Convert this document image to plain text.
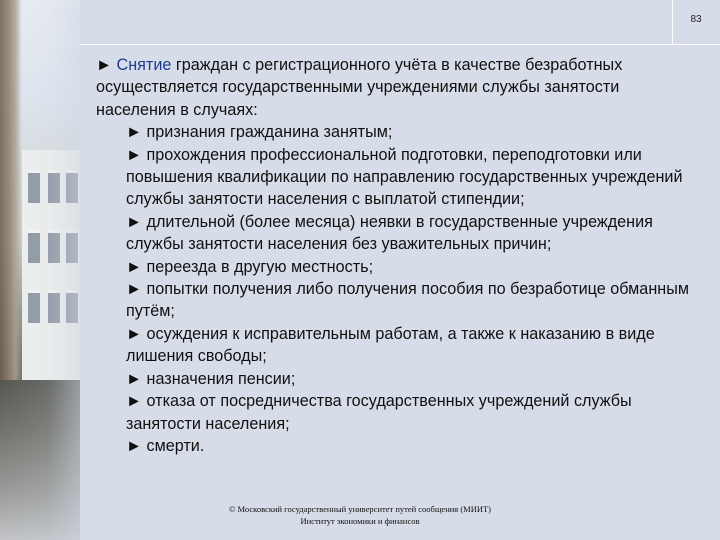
83

► Снятие граждан с регистрационного учёта в качестве безработных осуществляется государственными учреждениями службы занятости населения в случаях:

► признания гражданина занятым;

► прохождения профессиональной подготовки, переподготовки или повышения квалификации по направлению государственных учреждений службы занятости населения с выплатой стипендии;

► длительной (более месяца) неявки в государственные учреждения службы занятости населения без уважительных причин;

► переезда в другую местность;

► попытки получения либо получения пособия по безработице обманным путём;

► осуждения к исправительным работам, а также к наказанию в виде лишения свободы;

► назначения пенсии;

► отказа от посредничества государственных учреждений службы занятости населения;

► смерти.

© Московский государственный университет путей сообщения (МИИТ)
Институт экономики и финансов
